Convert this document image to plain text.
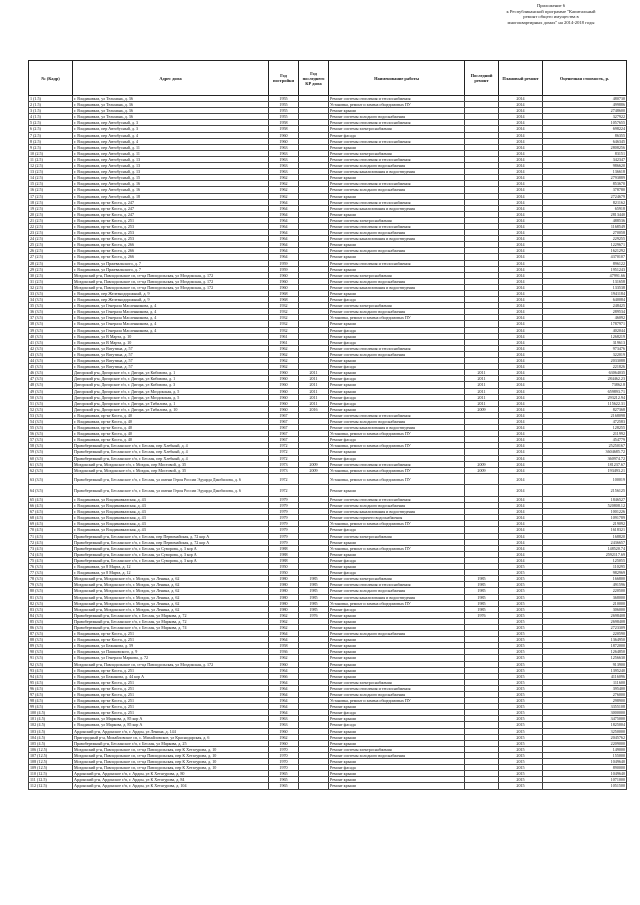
Приложение 6
к Республиканской программе "Капитальный
ремонт общего имущества в
многоквартирных домах" на 2014-2018 годы
№ (Кадр)	Адрес дома	Год постройки	Год последнего КР дома	Наименование работы	Последний ремонт	Плановый ремонт	Оценочная стоимость, р.
1 (1.5)	г. Владикавказ, ул Тельмана, д. 36	1955		Ремонт системы отопления и теплоснабжения		2014	480730
2 (1.5)	г. Владикавказ, ул Тельмана, д. 36	1955		Установка, ремонт и замена общедомовых ПУ		2014	499886
3 (1.5)	г. Владикавказ, ул Тельмана, д. 36	1955		Ремонт крыши		2014	2748600
4 (1.5)	г. Владикавказ, ул Тельмана, д. 36	1955		Ремонт системы холодного водоснабжения		2014	327922
5 (2.5)	г. Владикавказ, пер Автобусный, д. 3	1958		Ремонт системы отопления и теплоснабжения		2014	1057655
6 (2.5)	г. Владикавказ, пер Автобусный, д. 3	1958		Ремонт системы электроснабжения		2014	698224
7 (2.5)	г. Владикавказ, пер Автобусный, д. 4	1960		Ремонт фасада		2014	86355
8 (2.5)	г. Владикавказ, пер Автобусный, д. 4	1960		Ремонт системы отопления и теплоснабжения		2014	646345
9 (2.5)	г. Владикавказ, пер Автобусный, д. 11	1963		Ремонт крыши		2014	2808256
10 (2.5)	г. Владикавказ, пер Автобусный, д. 11	1963		Ремонт системы электроснабжения		2014	83151
11 (2.5)	г. Владикавказ, пер Автобусный, д. 13	1963		Ремонт системы отопления и теплоснабжения		2014	342347
12 (2.5)	г. Владикавказ, пер Автобусный, д. 13	1963		Ремонт системы холодного водоснабжения		2014	986620
13 (2.5)	г. Владикавказ, пер Автобусный, д. 13	1963		Ремонт системы канализования и водоотведения		2014	136618
14 (2.5)	г. Владикавказ, пер Автобусный, д. 15	1962		Ремонт крыши		2014	2793889
15 (2.5)	г. Владикавказ, пер Автобусный, д. 16	1962		Ремонт системы отопления и теплоснабжения		2014	853670
16 (2.5)	г. Владикавказ, пер Автобусный, д. 16	1962		Ремонт системы холодного водоснабжения		2014	378780
17 (2.5)	г. Владикавказ, пер Автобусный, д. 18	1962		Ремонт крыши		2014	2724679
18 (2.5)	г. Владикавказ, пр-кт Коста, д. 247	1964		Ремонт системы отопления и теплоснабжения		2014	821162
19 (2.5)	г. Владикавказ, пр-кт Коста, д. 247	1964		Ремонт системы канализования и водоотведения		2014	65918
20 (2.5)	г. Владикавказ, пр-кт Коста, д. 247	1964		Ремонт крыши		2014	2813440
21 (2.5)	г. Владикавказ, пр-кт Коста, д. 251	1964		Ремонт системы электроснабжения		2014	488536
22 (2.5)	г. Владикавказ, пр-кт Коста, д. 253	1964		Ремонт системы отопления и теплоснабжения		2014	1168549
23 (2.5)	г. Владикавказ, пр-кт Коста, д. 253	1964		Ремонт системы холодного водоснабжения		2014	270058
24 (2.5)	г. Владикавказ, пр-кт Коста, д. 253	1964		Ремонт системы канализования и водоотведения		2014	229255
25 (2.5)	г. Владикавказ, пр-кт Коста, д. 266	1964		Ремонт крыши		2014	1229671
26 (2.5)	г. Владикавказ, пр-кт Коста, д. 266	1964		Ремонт системы холодного водоснабжения		2014	1621292
27 (2.5)	г. Владикавказ, пр-кт Коста, д. 266	1964		Ремонт крыши		2014	4370107
28 (2.5)	г. Владикавказ, ул Пржевальского, д. 7	1959		Ремонт системы отопления и теплоснабжения		2014	896122
29 (2.5)	г. Владикавказ, ул Пржевальского, д. 7	1959		Ремонт крыши		2014	1951243
30 (2.5)	Моздокский р-н, Павлодольское сп, ст-ца Павлодольская, ул Моздокская, д. 172	1960		Ремонт системы электроснабжения		2014	47991.66
31 (2.5)	Моздокский р-н, Павлодольское сп, ст-ца Павлодольская, ул Моздокская, д. 172	1960		Ремонт системы холодного водоснабжения		2014	131658
32 (2.5)	Моздокский р-н, Павлодольское сп, ст-ца Павлодольская, ул Моздокская, д. 172	1960		Ремонт системы канализования и водоотведения		2014	133538
33 (3.5)	г. Владикавказ, пер Железнодорожный, д. 9	1968		Ремонт крыши		2014	1941184
34 (3.5)	г. Владикавказ, пер Железнодорожный, д. 9	1968		Ремонт фасада		2014	640084
35 (3.5)	г. Владикавказ, ул Генерала Масленникова, д. 4	1932		Ремонт системы электроснабжения		2014	248425
36 (3.5)	г. Владикавказ, ул Генерала Масленникова, д. 4	1932		Ремонт системы холодного водоснабжения		2014	289534
37 (3.5)	г. Владикавказ, ул Генерала Масленникова, д. 4	1932		Установка, ремонт и замена общедомовых ПУ		2014	46092
38 (3.5)	г. Владикавказ, ул Генерала Масленникова, д. 4	1932		Ремонт крыши		2014	1787971
39 (3.5)	г. Владикавказ, ул Генерала Масленникова, д. 4	1932		Ремонт фасада		2014	402044
40 (3.5)	г. Владикавказ, ул В Марта, д. 10	1961		Ремонт крыши		2014	1268219
41 (3.5)	г. Владикавказ, ул В Марта, д. 10	1961		Ремонт фасада		2014	319613
42 (3.5)	г. Владикавказ, ул Ватутина, д. 57	1962		Ремонт системы отопления и теплоснабжения		2014	973476
43 (3.5)	г. Владикавказ, ул Ватутина, д. 57	1962		Ремонт системы холодного водоснабжения		2014	322019
44 (3.5)	г. Владикавказ, ул Ватутина, д. 57	1962		Ремонт крыши		2014	2033088
45 (3.5)	г. Владикавказ, ул Ватутина, д. 57	1962		Ремонт фасада		2014	221826
46 (3.5)	Дигорский р-н, Дигорское г/п, г. Дигора, ул Кибизова, д. 1	1960	2011	Ремонт крыши	2011	2014	63064035
47 (3.5)	Дигорский р-н, Дигорское г/п, г. Дигора, ул Кибизова, д. 1	1960	2011	Ремонт фасада	2011	2014	284462.23
48 (3.5)	Дигорский р-н, Дигорское г/п, г. Дигора, ул Кибизова, д. 3	1960	2011	Ремонт крыши	2011	2014	73862.8
49 (3.5)	Дигорский р-н, Дигорское г/п, г. Дигора, ул Моздокская, д. 5	1960	2011	Ремонт крыши	2011	2014	659893.71
50 (3.5)	Дигорский р-н, Дигорское г/п, г. Дигора, ул Моздокская, д. 5	1960	2011	Ремонт фасада	2011	2014	293212.94
51 (3.5)	Дигорский р-н, Дигорское г/п, г. Дигора, ул Тибилова, д. 1	1960	2011	Ремонт фасада	2011	2014	115622.31
52 (3.5)	Дигорский р-н, Дигорское г/п, г. Дигора, ул Тибилова, д. 10	1960	2016	Ремонт крыши	2009	2014	827368
53 (3.5)	г. Владикавказ, пр-кт Коста, д. 40	1967		Ремонт системы отопления и теплоснабжения		2014	2168098
54 (3.5)	г. Владикавказ, пр-кт Коста, д. 40	1967		Ремонт системы холодного водоснабжения		2014	472583
55 (3.5)	г. Владикавказ, пр-кт Коста, д. 40	1967		Ремонт системы канализования и водоотведения		2014	128255
56 (3.5)	г. Владикавказ, пр-кт Коста, д. 40	1967		Установка, ремонт и замена общедомовых ПУ		2014	211992
57 (3.5)	г. Владикавказ, пр-кт Коста, д. 40	1967		Ремонт фасада		2014	454779
58 (3.5)	Правобережный р-н, Бесланское г/п, г. Беслан, пер Хлебный, д. 4	1972		Установка, ремонт и замена общедомовых ПУ		2014	25250167
59 (3.5)	Правобережный р-н, Бесланское г/п, г. Беслан, пер Хлебный, д. 4	1972		Ремонт крыши		2014	3604685.72
60 (3.5)	Правобережный р-н, Бесланское г/п, г. Беслан, пер Хлебный, д. 4	1972		Ремонт фасада		2014	360974.72
61 (3.5)	Моздокский р-н, Моздокское г/п, г. Моздок, пер Мостовой, д. 35	1973	2009	Ремонт системы отопления и теплоснабжения	2009	2014	181237.67
62 (3.5)	Моздокский р-н, Моздокское г/п, г. Моздок, пер Мостовой, д. 35	1973	2009	Установка, ремонт и замена общедомовых ПУ	2009	2014	193493.21
63 (3.5)	Правобережный р-н, Бесланское г/п, г. Беслан, ул имени Героя России Эдуарда Джибилова, д. 6	1972		Установка, ремонт и замена общедомовых ПУ		2014	100019
64 (3.5)	Правобережный р-н, Бесланское г/п, г. Беслан, ул имени Героя России Эдуарда Джибилова, д. 6	1972		Ремонт крыши		2014	2156125
65 (4.5)	г. Владикавказ, ул Владикавказская, д. 43	1979		Ремонт системы отопления и теплоснабжения		2014	1846527
66 (4.5)	г. Владикавказ, ул Владикавказская, д. 43	1979		Ремонт системы холодного водоснабжения		2014	520808.12
67 (4.5)	г. Владикавказ, ул Владикавказская, д. 43	1979		Ремонт системы канализования и водоотведения		2014	1001226
68 (4.5)	г. Владикавказ, ул Владикавказская, д. 43	1979		Ремонт системы горячего водоснабжения		2014	1091789
69 (4.5)	г. Владикавказ, ул Владикавказская, д. 43	1979		Установка, ремонт и замена общедомовых ПУ		2014	219092
70 (4.5)	г. Владикавказ, ул Владикавказская, д. 43	1979		Ремонт фасада		2014	1618321
71 (4.5)	Правобережный р-н, Бесланское г/п, г. Беслан, пер Первомайская, д. 72 кор А	1979		Ремонт системы электроснабжения		2014	168820
72 (4.5)	Правобережный р-н, Бесланское г/п, г. Беслан, пер Первомайская, д. 72 кор А	1979		Ремонт крыши		2014	2436657
73 (4.5)	Правобережный р-н, Бесланское г/п, г. Беслан, ул Суворова, д. 3 кор А	1988		Установка, ремонт и замена общедомовых ПУ		2014	148520.74
74 (4.5)	Правобережный р-н, Бесланское г/п, г. Беслан, ул Суворова, д. 3 кор А	1988		Ремонт крыши		2014	2592117.69
75 (4.5)	Правобережный р-н, Бесланское г/п, г. Беслан, ул Суворова, д. 3 кор А	1988		Ремонт фасада		2014	125055
76 (3.5)	г. Владикавказ, ул 8 Марта, д. 12	1950		Ремонт крыши		2015	110295
77 (3.5)	г. Владикавказ, ул 8 Марта, д. 12	1950		Ремонт фасада		2015	982969
78 (3.5)	Моздокский р-н, Моздокское г/п, г. Моздок, ул Ленина, д. 62	1980	1985	Ремонт системы электроснабжения	1985	2015	166800
79 (3.5)	Моздокский р-н, Моздокское г/п, г. Моздок, ул Ленина, д. 62	1980	1985	Ремонт системы отопления и теплоснабжения	1985	2015	491596
80 (3.5)	Моздокский р-н, Моздокское г/п, г. Моздок, ул Ленина, д. 62	1980	1985	Ремонт системы холодного водоснабжения	1985	2015	220500
81 (3.5)	Моздокский р-н, Моздокское г/п, г. Моздок, ул Ленина, д. 62	1980	1985	Ремонт системы канализования и водоотведения	1985	2015	368000
82 (3.5)	Моздокский р-н, Моздокское г/п, г. Моздок, ул Ленина, д. 62	1980	1985	Установка, ремонт и замена общедомовых ПУ	1985	2015	210000
83 (3.5)	Моздокский р-н, Моздокское г/п, г. Моздок, ул Ленина, д. 62	1980	1985	Ремонт фасада	1985	2015	306000
84 (3.5)	Правобережный р-н, Бесланское г/п, г. Беслан, ул Маркова, д. 72	1962	1976	Ремонт крыши	1976	2015	2698408
85 (3.5)	Правобережный р-н, Бесланское г/п, г. Беслан, ул Маркова, д. 72	1962		Ремонт крыши		2015	2698408
86 (3.5)	Правобережный р-н, Бесланское г/п, г. Беслан, ул Маркова, д. 74	1962		Ремонт крыши		2015	2723309
87 (3.5)	г. Владикавказ, пр-кт Коста, д. 251	1964		Ремонт системы холодного водоснабжения		2015	220590
88 (3.5)	г. Владикавказ, пр-кт Коста, д. 251	1964		Ремонт крыши		2015	1364950
89 (3.5)	г. Владикавказ, ул Бежанова, д. 59	1958		Ремонт крыши		2015	1872000
90 (3.5)	г. Владикавказ, ул Пашковского, д. 9	1936		Ремонт крыши		2015	1264850
91 (3.5)	г. Владикавказ, ул Генерала Маркова, д. 72	1962		Ремонт крыши		2015	1256630
92 (3.5)	Моздокский р-н, Павлодольское сп, ст-ца Павлодольская, ул Моздокская, д. 172	1960		Ремонт крыши		2015	913900
93 (4.5)	г. Владикавказ, пр-кт Коста, д. 251	1964		Ремонт крыши		2015	1395240
94 (4.5)	г. Владикавказ, ул Бежанова, д. 44 кор А	1966		Ремонт крыши		2015	4116096
95 (4.5)	г. Владикавказ, пр-кт Коста, д. 251	1964		Ремонт системы электроснабжения		2015	111600
96 (4.5)	г. Владикавказ, пр-кт Коста, д. 251	1964		Ремонт системы отопления и теплоснабжения		2015	395400
97 (4.5)	г. Владикавказ, пр-кт Коста, д. 251	1964		Ремонт системы холодного водоснабжения		2015	276000
98 (4.5)	г. Владикавказ, пр-кт Коста, д. 251	1964		Установка, ремонт и замена общедомовых ПУ		2015	298900
99 (4.5)	г. Владикавказ, пр-кт Коста, д. 251	1964		Ремонт крыши		2015	3355108
100 (4.5)	г. Владикавказ, пр-кт Коста, д. 251	1964		Ремонт фасада		2015	3000000
101 (4.5)	г. Владикавказ, ул Маркова, д. 85 кор А	1963		Ремонт крыши		2015	3475000
102 (4.5)	г. Владикавказ, ул Маркова, д. 85 кор А	1963		Ремонт фасада		2015	1825004
103 (4.5)	Ардонский р-н, Ардонское г/п, г. Ардон, ул Ленина, д. 144	1960		Ремонт крыши		2015	3250000
104 (4.5)	Пригородный р-н, Михайловское сп, с. Михайловское, ул Краснодарская, д. 6	1962		Ремонт крыши		2015	2045762
105 (4.5)	Правобережный р-н, Бесланское г/п, г. Беслан, ул Маркова, д. 25	1960		Ремонт крыши		2015	2209000
106 (12.5)	Моздокский р-н, Павлодольское сп, ст-ца Павлодольская, пер К Хетагурова, д. 10	1970		Ремонт системы электроснабжения		2015	149000
107 (12.5)	Моздокский р-н, Павлодольское сп, ст-ца Павлодольская, пер К Хетагурова, д. 10	1970		Ремонт системы холодного водоснабжения		2015	155000
108 (12.5)	Моздокский р-н, Павлодольское сп, ст-ца Павлодольская, пер К Хетагурова, д. 10	1970		Ремонт крыши		2015	1049640
109 (12.5)	Моздокский р-н, Павлодольское сп, ст-ца Павлодольская, пер К Хетагурова, д. 10	1970		Ремонт фасада		2015	890000
110 (12.5)	Ардонский р-н, Ардонское г/п, г. Ардон, ул К Хетагурова, д. 80	1965		Ремонт крыши		2015	1049640
111 (12.5)	Ардонский р-н, Ардонское г/п, г. Ардон, ул К Хетагурова, д. 84	1965		Ремонт крыши		2015	1071000
112 (12.5)	Ардонский р-н, Ардонское г/п, г. Ардон, ул К Хетагурова, д. 104	1965		Ремонт крыши		2015	1051500
